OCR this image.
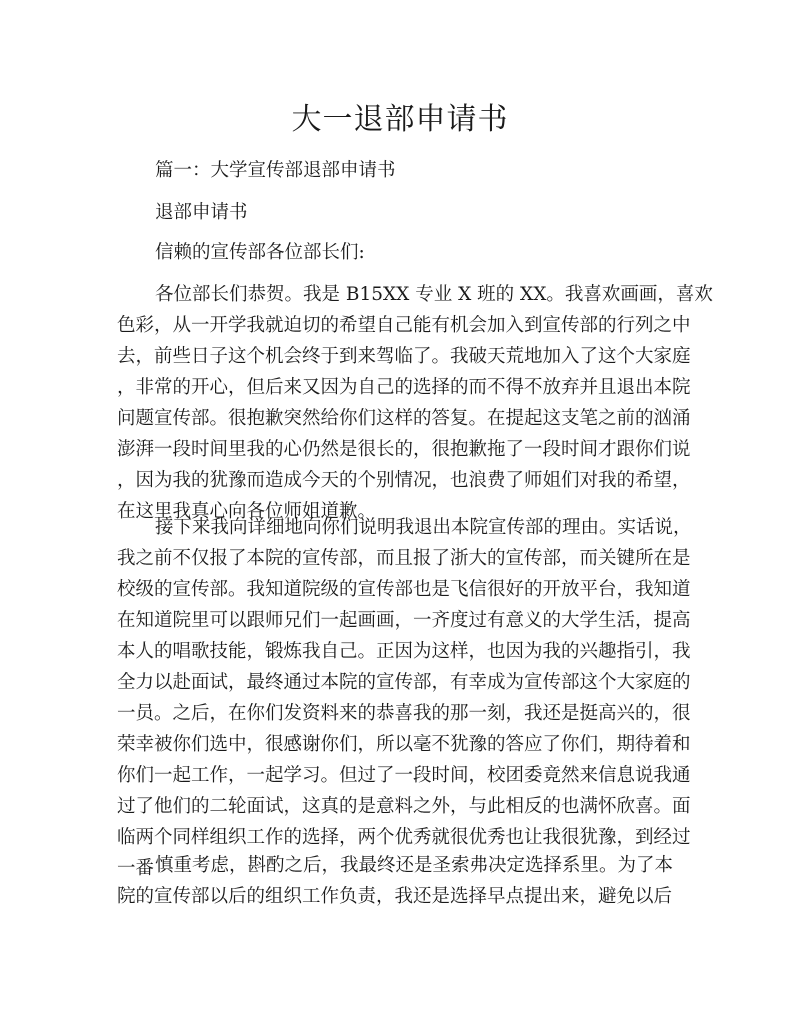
大一退部申请书

篇一：大学宣传部退部申请书

退部申请书

信赖的宣传部各位部长们:

各位部长们恭贺。我是 B15XX 专业 X 班的 XX。我喜欢画画，喜欢
色彩，从一开学我就迫切的希望自己能有机会加入到宣传部的行列之中
去，前些日子这个机会终于到来驾临了。我破天荒地加入了这个大家庭
，非常的开心，但后来又因为自己的选择的而不得不放弃并且退出本院
问题宣传部。很抱歉突然给你们这样的答复。在提起这支笔之前的汹涌
澎湃一段时间里我的心仍然是很长的，很抱歉拖了一段时间才跟你们说
，因为我的犹豫而造成今天的个别情况，也浪费了师姐们对我的希望，
在这里我真心向各位师姐道歉。
接下来我向详细地向你们说明我退出本院宣传部的理由。实话说，
我之前不仅报了本院的宣传部，而且报了浙大的宣传部，而关键所在是
校级的宣传部。我知道院级的宣传部也是飞信很好的开放平台，我知道
在知道院里可以跟师兄们一起画画，一齐度过有意义的大学生活，提高
本人的唱歌技能，锻炼我自己。正因为这样，也因为我的兴趣指引，我
全力以赴面试，最终通过本院的宣传部，有幸成为宣传部这个大家庭的
一员。之后，在你们发资料来的恭喜我的那一刻，我还是挺高兴的，很
荣幸被你们选中，很感谢你们，所以毫不犹豫的答应了你们，期待着和
你们一起工作，一起学习。但过了一段时间，校团委竟然来信息说我通
过了他们的二轮面试，这真的是意料之外，与此相反的也满怀欣喜。面
临两个同样组织工作的选择，两个优秀就很优秀也让我很犹豫，到经过
一番 慎重考虑，斟酌之后，我最终还是圣索弗决定选择系里。为了本
院的宣传部以后的组织工作负责，我还是选择早点提出来，避免以后
